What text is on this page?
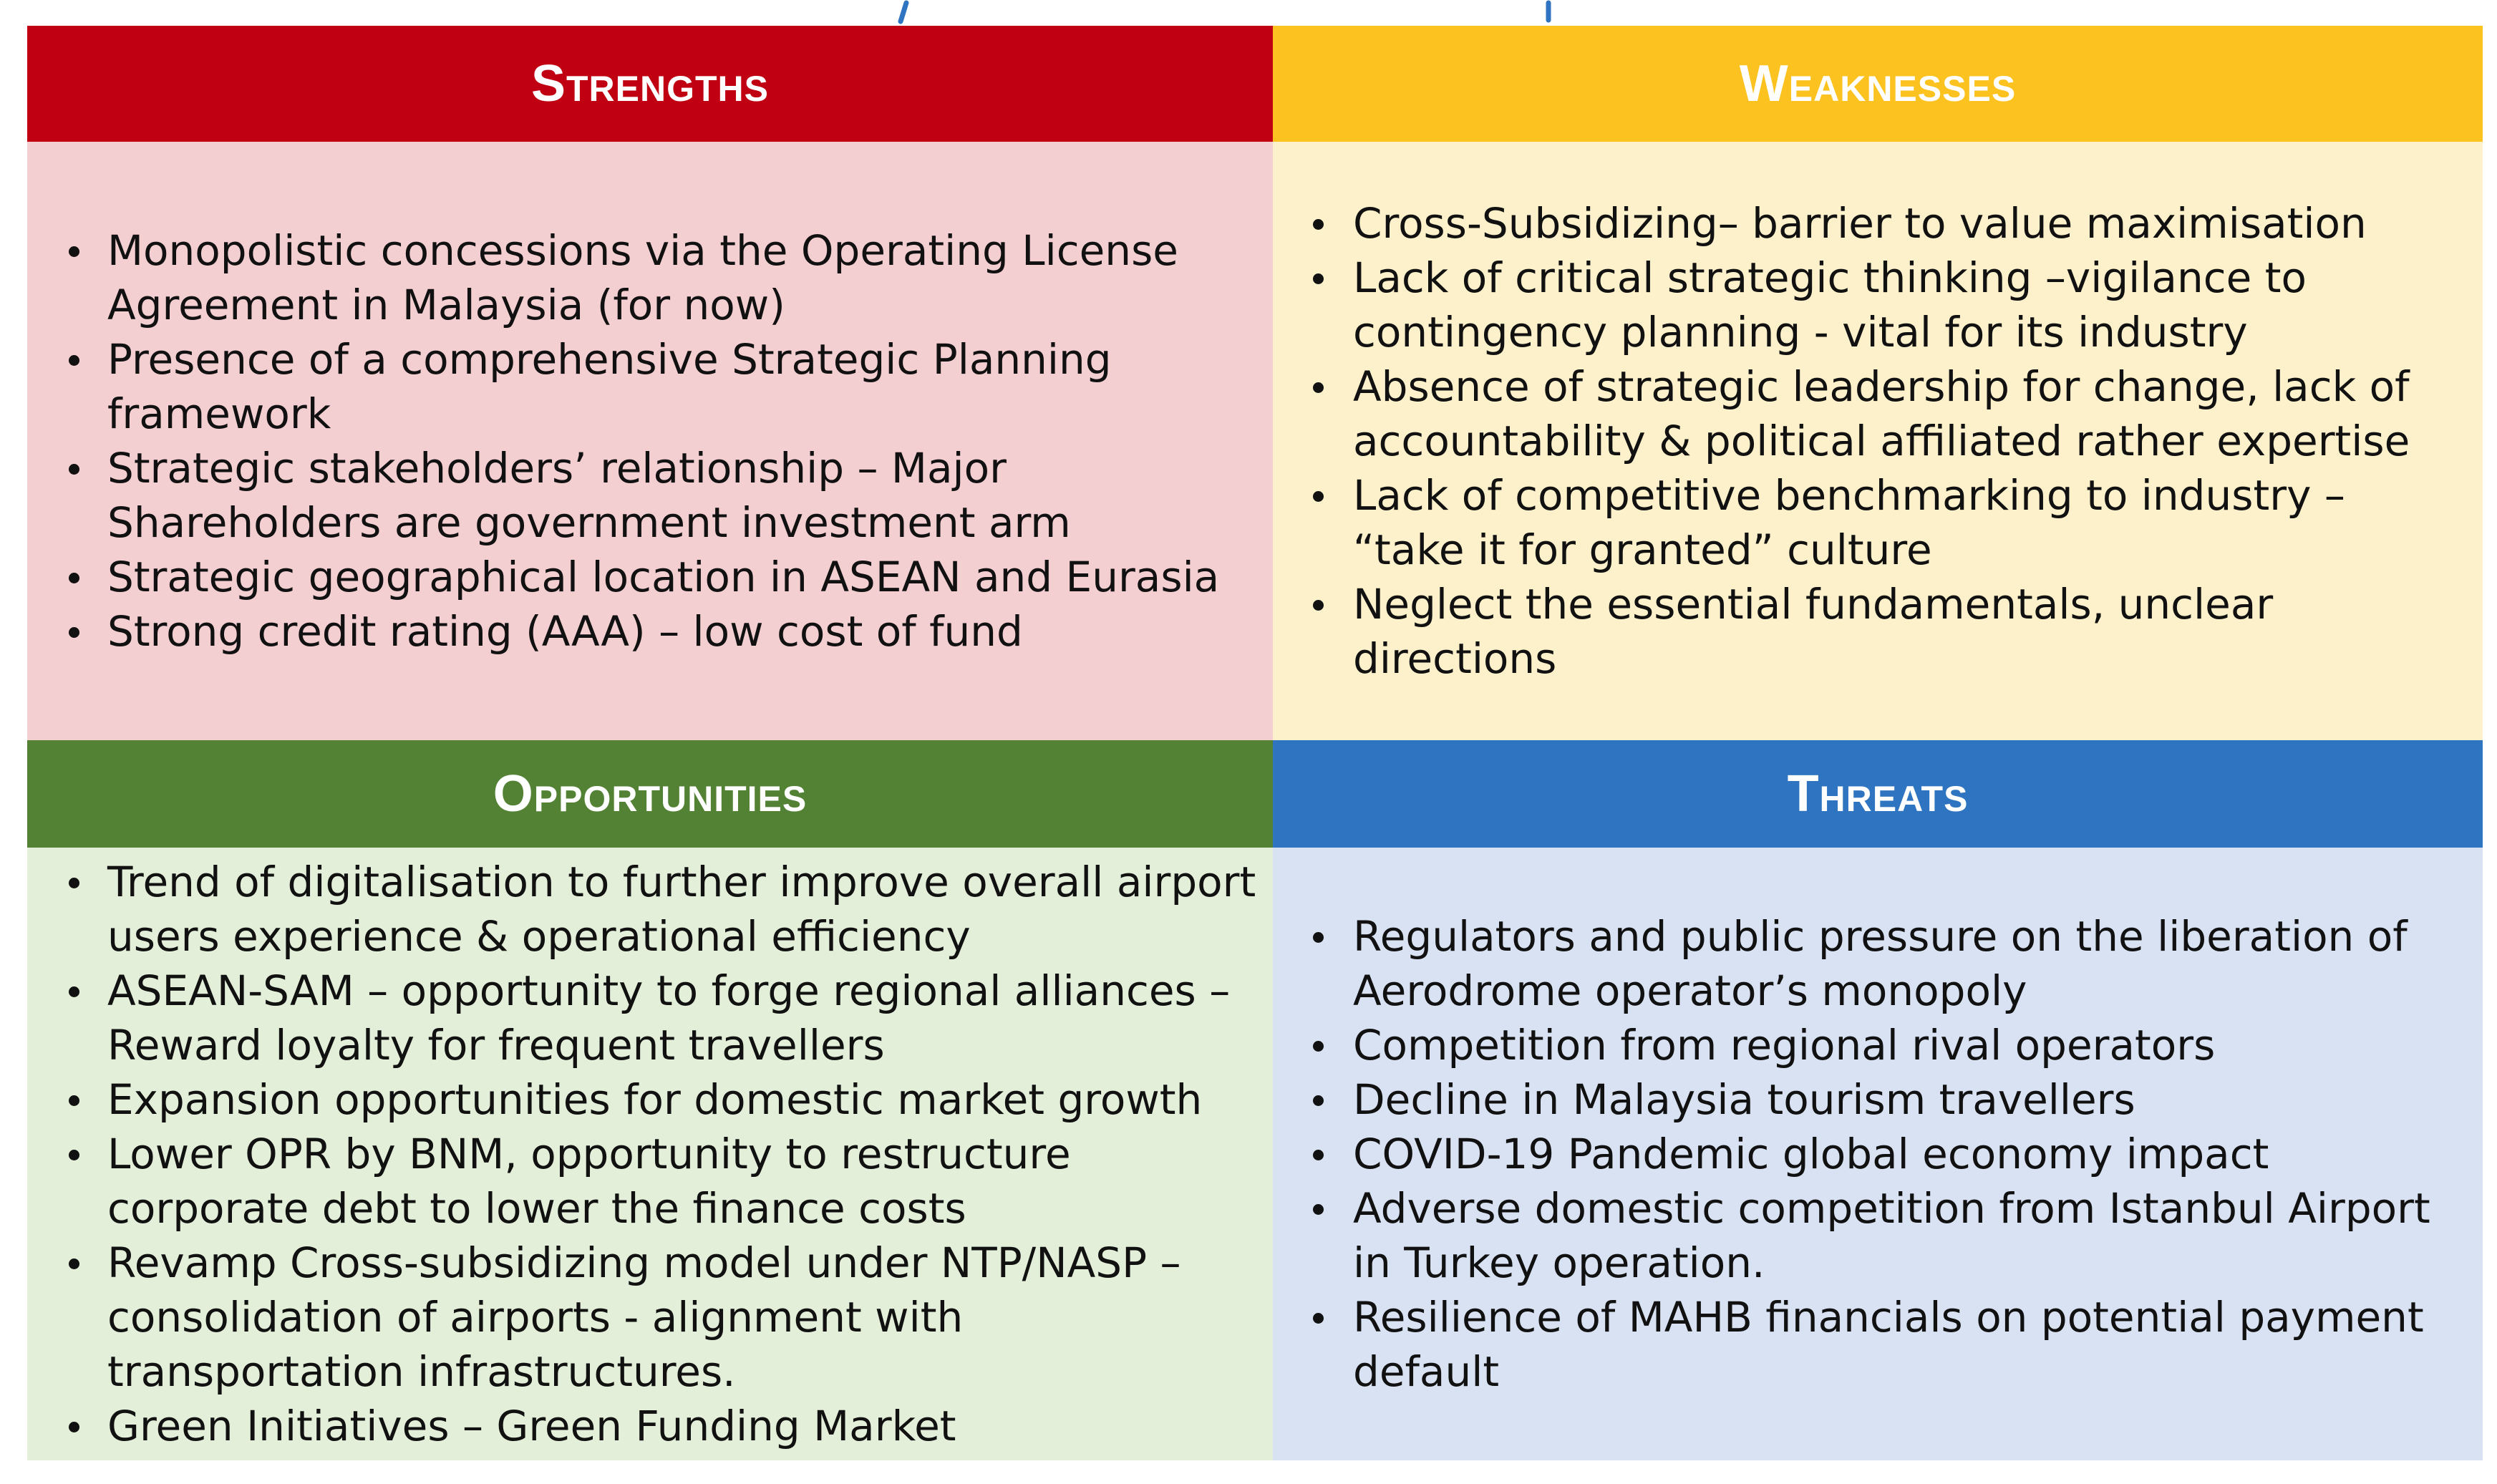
Strengths	Weaknesses
Monopolistic concessions via the Operating License Agreement in Malaysia (for now)
Presence of a comprehensive Strategic Planning framework
Strategic stakeholders’ relationship – Major Shareholders are government investment arm
Strategic geographical location in ASEAN and Eurasia
Strong credit rating (AAA) – low cost of fund
Cross-Subsidizing– barrier to value maximisation
Lack of critical strategic thinking –vigilance to contingency planning - vital for its industry
Absence of strategic leadership for change, lack of accountability & political affiliated rather expertise
Lack of competitive benchmarking to industry – “take it for granted” culture
Neglect the essential fundamentals, unclear directions
Opportunities	Threats
Trend of digitalisation to further improve overall airport users experience & operational efficiency
ASEAN-SAM – opportunity to forge regional alliances – Reward loyalty for frequent travellers
Expansion opportunities for domestic market growth
Lower OPR by BNM, opportunity to restructure corporate debt to lower the finance costs
Revamp Cross-subsidizing model under NTP/NASP – consolidation of airports - alignment with transportation infrastructures.
Green Initiatives – Green Funding Market
Regulators and public pressure on the liberation of Aerodrome operator’s monopoly
Competition from regional rival operators
Decline in Malaysia tourism travellers
COVID-19 Pandemic global economy impact
Adverse domestic competition from Istanbul Airport in Turkey operation.
Resilience of MAHB financials on potential payment default
